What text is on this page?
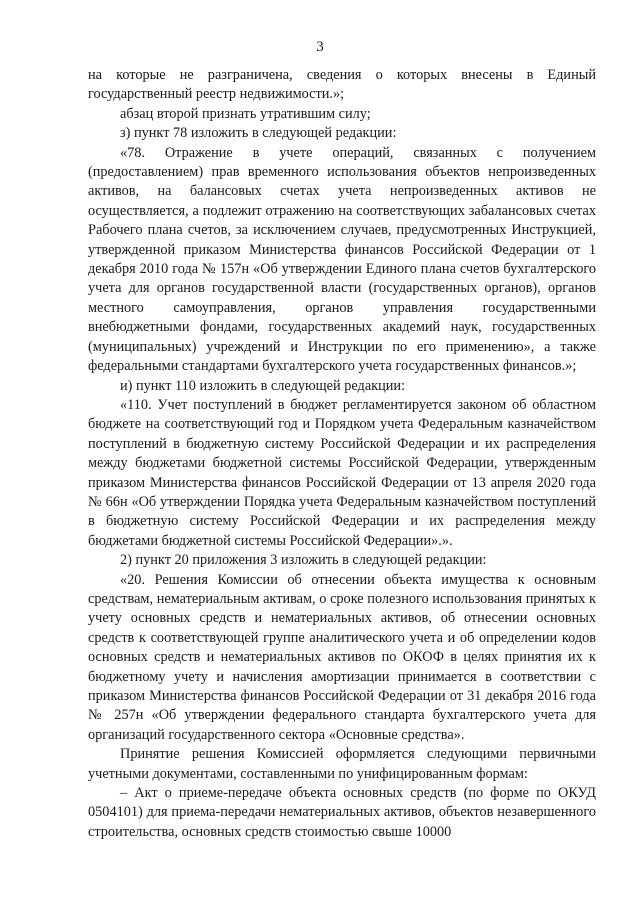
3

на которые не разграничена, сведения о которых внесены в Единый государственный реестр недвижимости.»;

абзац второй признать утратившим силу;

з) пункт 78 изложить в следующей редакции:

«78. Отражение в учете операций, связанных с получением (предоставлением) прав временного использования объектов непроизведенных активов, на балансовых счетах учета непроизведенных активов не осуществляется, а подлежит отражению на соответствующих забалансовых счетах Рабочего плана счетов, за исключением случаев, предусмотренных Инструкцией, утвержденной приказом Министерства финансов Российской Федерации от 1 декабря 2010 года № 157н «Об утверждении Единого плана счетов бухгалтерского учета для органов государственной власти (государственных органов), органов местного самоуправления, органов управления государственными внебюджетными фондами, государственных академий наук, государственных (муниципальных) учреждений и Инструкции по его применению», а также федеральными стандартами бухгалтерского учета государственных финансов.»;

и) пункт 110 изложить в следующей редакции:

«110. Учет поступлений в бюджет регламентируется законом об областном бюджете на соответствующий год и Порядком учета Федеральным казначейством поступлений в бюджетную систему Российской Федерации и их распределения между бюджетами бюджетной системы Российской Федерации, утвержденным приказом Министерства финансов Российской Федерации от 13 апреля 2020 года № 66н «Об утверждении Порядка учета Федеральным казначейством поступлений в бюджетную систему Российской Федерации и их распределения между бюджетами бюджетной системы Российской Федерации».».

2) пункт 20 приложения 3 изложить в следующей редакции:

«20. Решения Комиссии об отнесении объекта имущества к основным средствам, нематериальным активам, о сроке полезного использования принятых к учету основных средств и нематериальных активов, об отнесении основных средств к соответствующей группе аналитического учета и об определении кодов основных средств и нематериальных активов по ОКОФ в целях принятия их к бюджетному учету и начисления амортизации принимается в соответствии с приказом Министерства финансов Российской Федерации от 31 декабря 2016 года № 257н «Об утверждении федерального стандарта бухгалтерского учета для организаций государственного сектора «Основные средства».

Принятие решения Комиссией оформляется следующими первичными учетными документами, составленными по унифицированным формам:

– Акт о приеме-передаче объекта основных средств (по форме по ОКУД 0504101) для приема-передачи нематериальных активов, объектов незавершенного строительства, основных средств стоимостью свыше 10000
